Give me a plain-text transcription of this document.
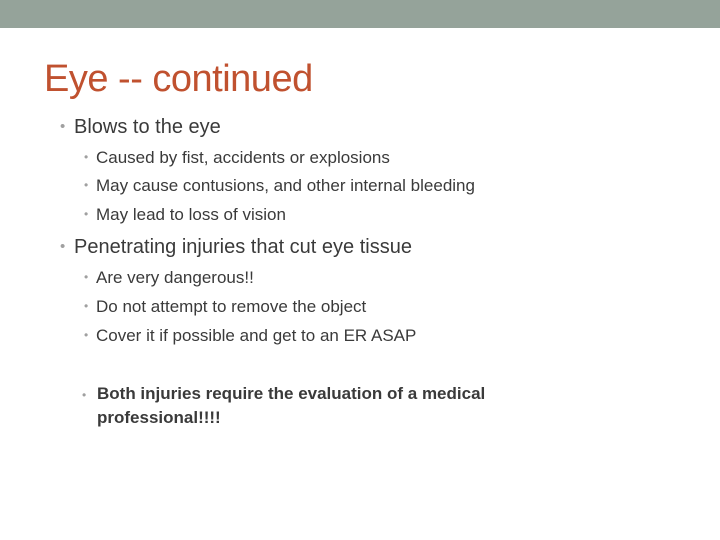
Eye -- continued
• Blows to the eye
• Caused by fist, accidents or explosions
• May cause contusions, and other internal bleeding
• May lead to loss of vision
• Penetrating injuries that cut eye tissue
• Are very dangerous!!
• Do not attempt to remove the object
• Cover it if possible and get to an ER ASAP
• Both injuries require the evaluation of a medical professional!!!!
